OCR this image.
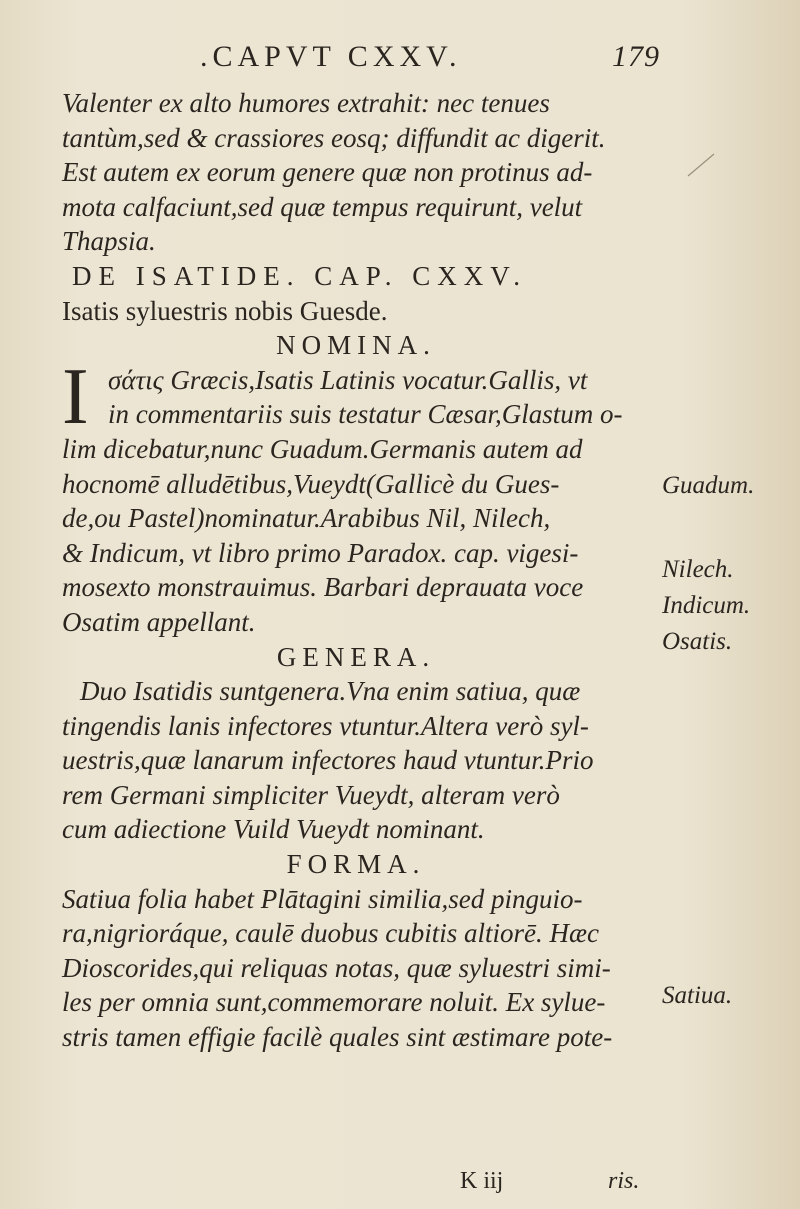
.CAPVT CXXV.	179
Valenter ex alto humores extrahit: nec tenues
tantùm,sed & crassiores eosq; diffundit ac digerit.
Est autem ex eorum genere quæ non protinus ad-
mota calfaciunt,sed quæ tempus requirunt, velut
Thapsia.
DE ISATIDE. CAP. CXXV.
Isatis syluestris nobis Guesde.
NOMINA.
I σάτις Græcis,Isatis Latinis vocatur.Gallis, vt
in commentariis suis testatur Cæsar,Glastum o-
lim dicebatur,nunc Guadum.Germanis autem ad
hocnomē alludētibus,Vueydt(Gallicè du Gues-
de,ou Pastel)nominatur.Arabibus Nil, Nilech,
& Indicum, vt libro primo Paradox. cap. vigesi-
mosexto monstrauimus. Barbari deprauata voce
Osatim appellant.
GENERA.
Duo Isatidis suntgenera.Vna enim satiua, quæ
tingendis lanis infectores vtuntur.Altera verò syl-
uestris,quæ lanarum infectores haud vtuntur.Prio
rem Germani simpliciter Vueydt, alteram verò
cum adiectione Vuild Vueydt nominant.
FORMA.
Satiua folia habet Plātagini similia,sed pinguio-
ra,nigrioráque, caulē duobus cubitis altiorē. Hæc
Dioscorides,qui reliquas notas, quæ syluestri simi-
les per omnia sunt,commemorare noluit. Ex sylue-
stris tamen effigie facilè quales sint æstimare pote-
Guadum.
Nilech.
Indicum.
Osatis.
Satiua.
K iij	ris.
